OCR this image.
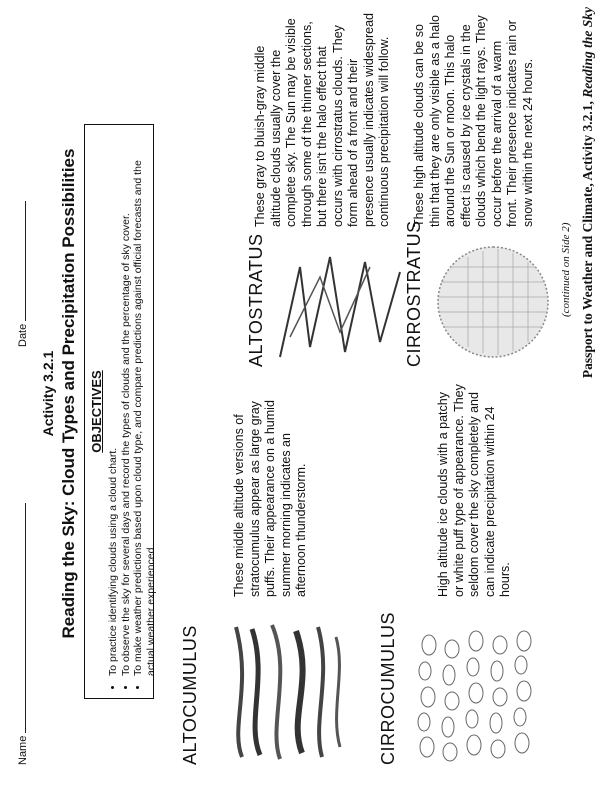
Name
Date
Activity 3.2.1 Reading the Sky: Cloud Types and Precipitation Possibilities OBJECTIVES
• To practice identifying clouds using a cloud chart. • To observe the sky for several days and record the types of clouds and the percentage of sky cover. • To make weather predictions based upon cloud type, and compare predictions against official forecasts and the actual weather experienced.
ALTOCUMULUS
These middle altitude versions of stratocumulus appear as large gray puffs. Their appearance on a humid summer morning indicates an afternoon thunderstorm.
ALTOSTRATUS
These gray to bluish-gray middle altitude clouds usually cover the complete sky. The Sun may be visible through some of the thinner sections, but there isn't the halo effect that occurs with cirrostratus clouds. They form ahead of a front and their presence usually indicates widespread continuous precipitation will follow.
CIRROCUMULUS
High altitude ice clouds with a patchy or white puff type of appearance. They seldom cover the sky completely and can indicate precipitation within 24 hours.
CIRROSTRATUS
These high altitude clouds can be so thin that they are only visible as a halo around the Sun or moon. This halo effect is caused by ice crystals in the clouds which bend the light rays. They occur before the arrival of a warm front. Their presence indicates rain or snow within the next 24 hours.
(continued on Side 2) Passport to Weather and Climate, Activity 3.2.1, Reading the Sky
